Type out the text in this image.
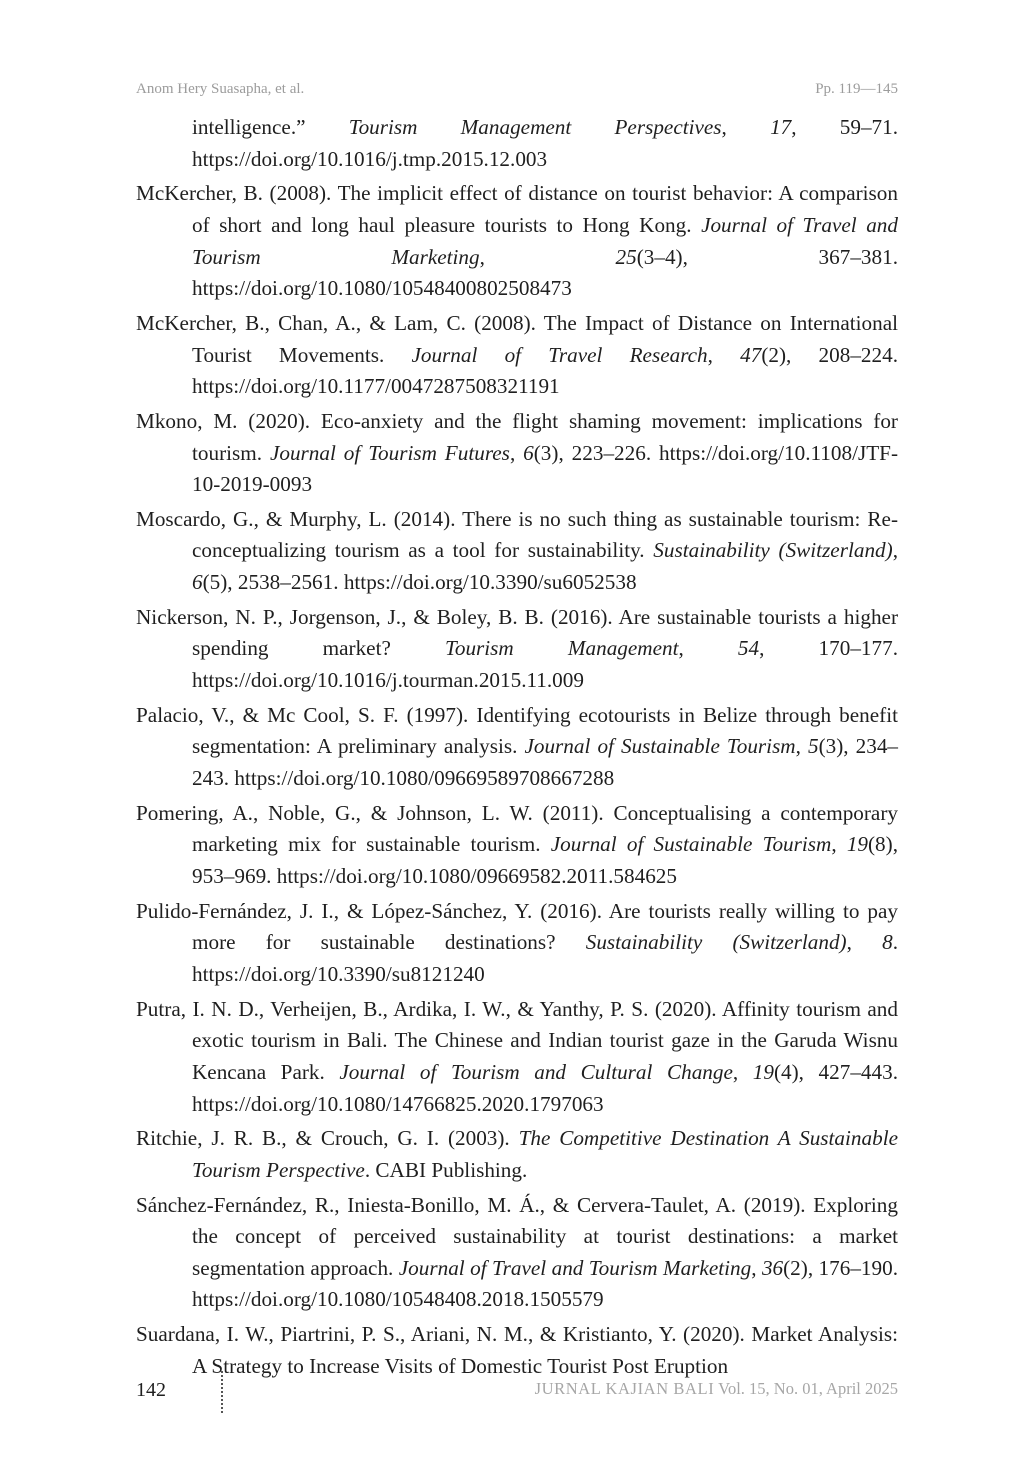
Anom Hery Suasapha, et al.	Pp. 119—145

intelligence.” Tourism Management Perspectives, 17, 59–71. https://doi.org/10.1016/j.tmp.2015.12.003

McKercher, B. (2008). The implicit effect of distance on tourist behavior: A comparison of short and long haul pleasure tourists to Hong Kong. Journal of Travel and Tourism Marketing, 25(3–4), 367–381. https://doi.org/10.1080/10548400802508473

McKercher, B., Chan, A., & Lam, C. (2008). The Impact of Distance on International Tourist Movements. Journal of Travel Research, 47(2), 208–224. https://doi.org/10.1177/0047287508321191

Mkono, M. (2020). Eco-anxiety and the flight shaming movement: implications for tourism. Journal of Tourism Futures, 6(3), 223–226. https://doi.org/10.1108/JTF-10-2019-0093

Moscardo, G., & Murphy, L. (2014). There is no such thing as sustainable tourism: Re-conceptualizing tourism as a tool for sustainability. Sustainability (Switzerland), 6(5), 2538–2561. https://doi.org/10.3390/su6052538

Nickerson, N. P., Jorgenson, J., & Boley, B. B. (2016). Are sustainable tourists a higher spending market? Tourism Management, 54, 170–177. https://doi.org/10.1016/j.tourman.2015.11.009

Palacio, V., & Mc Cool, S. F. (1997). Identifying ecotourists in Belize through benefit segmentation: A preliminary analysis. Journal of Sustainable Tourism, 5(3), 234–243. https://doi.org/10.1080/09669589708667288

Pomering, A., Noble, G., & Johnson, L. W. (2011). Conceptualising a contemporary marketing mix for sustainable tourism. Journal of Sustainable Tourism, 19(8), 953–969. https://doi.org/10.1080/09669582.2011.584625

Pulido-Fernández, J. I., & López-Sánchez, Y. (2016). Are tourists really willing to pay more for sustainable destinations? Sustainability (Switzerland), 8. https://doi.org/10.3390/su8121240

Putra, I. N. D., Verheijen, B., Ardika, I. W., & Yanthy, P. S. (2020). Affinity tourism and exotic tourism in Bali. The Chinese and Indian tourist gaze in the Garuda Wisnu Kencana Park. Journal of Tourism and Cultural Change, 19(4), 427–443. https://doi.org/10.1080/14766825.2020.1797063

Ritchie, J. R. B., & Crouch, G. I. (2003). The Competitive Destination A Sustainable Tourism Perspective. CABI Publishing.

Sánchez-Fernández, R., Iniesta-Bonillo, M. Á., & Cervera-Taulet, A. (2019). Exploring the concept of perceived sustainability at tourist destinations: a market segmentation approach. Journal of Travel and Tourism Marketing, 36(2), 176–190. https://doi.org/10.1080/10548408.2018.1505579

Suardana, I. W., Piartrini, P. S., Ariani, N. M., & Kristianto, Y. (2020). Market Analysis: A Strategy to Increase Visits of Domestic Tourist Post Eruption

142	JURNAL KAJIAN BALI Vol. 15, No. 01, April 2025
